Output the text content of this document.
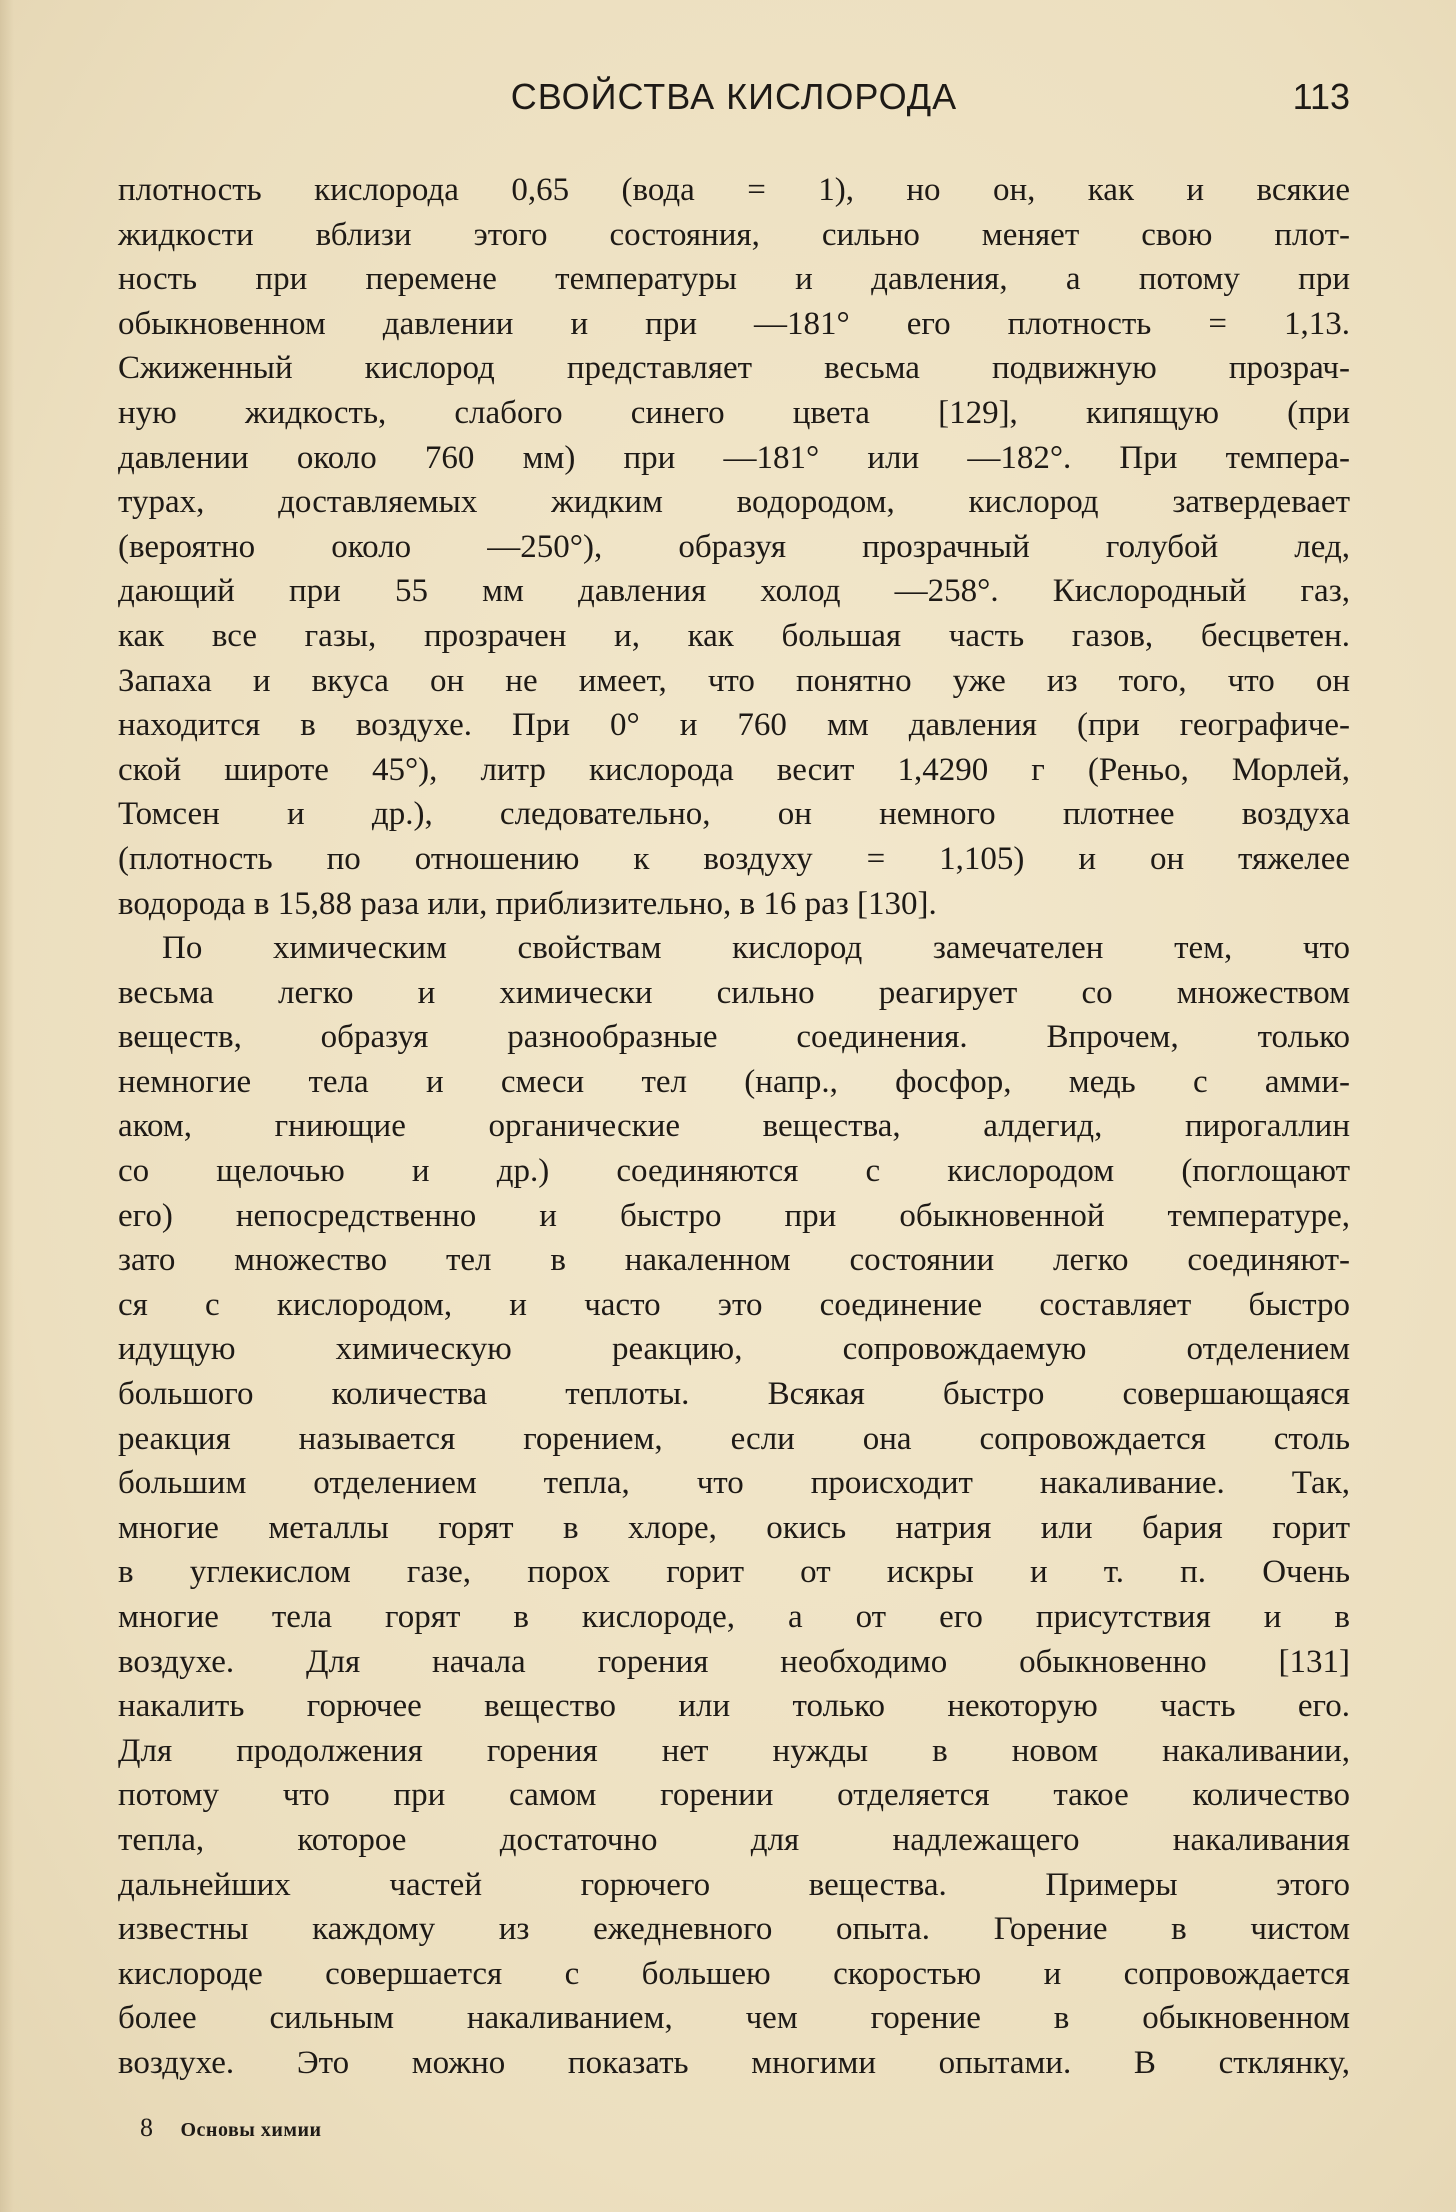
СВОЙСТВА КИСЛОРОДА	113
плотность кислорода 0,65 (вода = 1), но он, как и всякие
жидкости вблизи этого состояния, сильно меняет свою плот-
ность при перемене температуры и давления, а потому при
обыкновенном давлении и при —181° его плотность = 1,13.
Сжиженный кислород представляет весьма подвижную прозрач-
ную жидкость, слабого синего цвета [129], кипящую (при
давлении около 760 мм) при —181° или —182°. При темпера-
турах, доставляемых жидким водородом, кислород затвердевает
(вероятно около —250°), образуя прозрачный голубой лед,
дающий при 55 мм давления холод —258°. Кислородный газ,
как все газы, прозрачен и, как большая часть газов, бесцветен.
Запаха и вкуса он не имеет, что понятно уже из того, что он
находится в воздухе. При 0° и 760 мм давления (при географиче-
ской широте 45°), литр кислорода весит 1,4290 г (Реньо, Морлей,
Томсен и др.), следовательно, он немного плотнее воздуха
(плотность по отношению к воздуху = 1,105) и он тяжелее
водорода в 15,88 раза или, приблизительно, в 16 раз [130].
По химическим свойствам кислород замечателен тем, что
весьма легко и химически сильно реагирует со множеством
веществ, образуя разнообразные соединения. Впрочем, только
немногие тела и смеси тел (напр., фосфор, медь с амми-
аком, гниющие органические вещества, алдегид, пирогаллин
со щелочью и др.) соединяются с кислородом (поглощают
его) непосредственно и быстро при обыкновенной температуре,
зато множество тел в накаленном состоянии легко соединяют-
ся с кислородом, и часто это соединение составляет быстро
идущую химическую реакцию, сопровождаемую отделением
большого количества теплоты. Всякая быстро совершающаяся
реакция называется горением, если она сопровождается столь
большим отделением тепла, что происходит накаливание. Так,
многие металлы горят в хлоре, окись натрия или бария горит
в углекислом газе, порох горит от искры и т. п. Очень
многие тела горят в кислороде, а от его присутствия и в
воздухе. Для начала горения необходимо обыкновенно [131]
накалить горючее вещество или только некоторую часть его.
Для продолжения горения нет нужды в новом накаливании,
потому что при самом горении отделяется такое количество
тепла, которое достаточно для надлежащего накаливания
дальнейших частей горючего вещества. Примеры этого
известны каждому из ежедневного опыта. Горение в чистом
кислороде совершается с большею скоростью и сопровождается
более сильным накаливанием, чем горение в обыкновенном
воздухе. Это можно показать многими опытами. В стклянку,
8 Основы химии
